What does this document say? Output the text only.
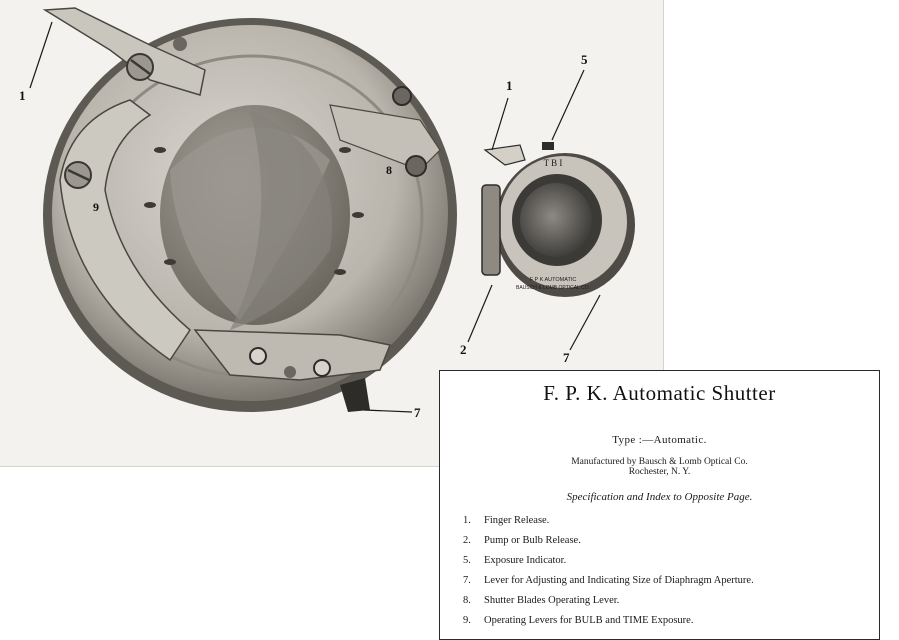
T B I
F P K AUTOMATIC
BAUSCH & LOMB OPTICAL CO.
1
9
8
7
1
5
2
7
F. P. K. Automatic Shutter
Type :—Automatic.
Manufactured by Bausch & Lomb Optical Co.
Rochester, N. Y.
Specification and Index to Opposite Page.
1.	Finger Release.
2.	Pump or Bulb Release.
5.	Exposure Indicator.
7.	Lever for Adjusting and Indicating Size of Diaphragm Aperture.
8.	Shutter Blades Operating Lever.
9.	Operating Levers for BULB and TIME Exposure.
